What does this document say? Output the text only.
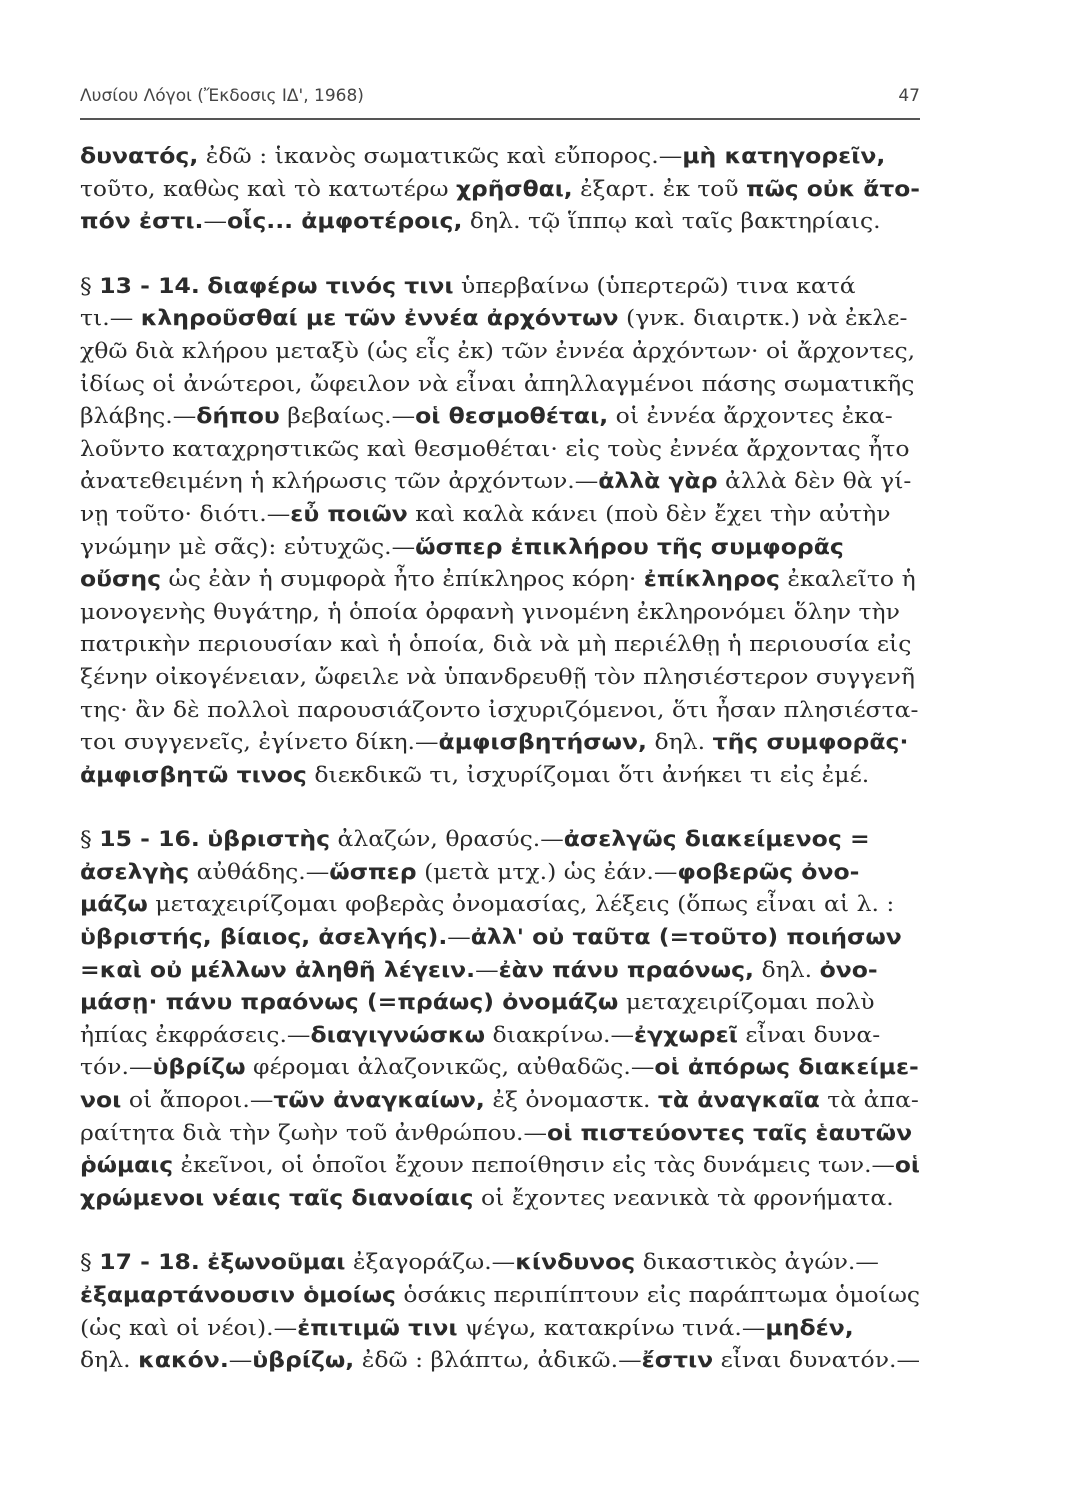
Λυσίου Λόγοι (Ἔκδοσις ΙΔ', 1968)	47
δυνατός, ἐδῶ : ἱκανὸς σωματικῶς καὶ εὔπορος.—μὴ κατηγορεῖν,
τοῦτο, καθὼς καὶ τὸ κατωτέρω χρῆσθαι, ἐξαρτ. ἐκ τοῦ πῶς οὐκ ἄτο-
πόν ἐστι.—οἷς... ἀμφοτέροις, δηλ. τῷ ἵππῳ καὶ ταῖς βακτηρίαις.
§ 13 - 14. διαφέρω τινός τινι ὑπερβαίνω (ὑπερτερῶ) τινα κατά
τι.— κληροῦσθαί με τῶν ἐννέα ἀρχόντων (γνκ. διαιρτκ.) νὰ ἐκλε-
χθῶ διὰ κλήρου μεταξὺ (ὡς εἷς ἐκ) τῶν ἐννέα ἀρχόντων· οἱ ἄρχοντες,
ἰδίως οἱ ἀνώτεροι, ὤφειλον νὰ εἶναι ἀπηλλαγμένοι πάσης σωματικῆς
βλάβης.—δήπου βεβαίως.—οἱ θεσμοθέται, οἱ ἐννέα ἄρχοντες ἐκα-
λοῦντο καταχρηστικῶς καὶ θεσμοθέται· εἰς τοὺς ἐννέα ἄρχοντας ἦτο
ἀνατεθειμένη ἡ κλήρωσις τῶν ἀρχόντων.—ἀλλὰ γὰρ ἀλλὰ δὲν θὰ γί-
νῃ τοῦτο· διότι.—εὖ ποιῶν καὶ καλὰ κάνει (ποὺ δὲν ἔχει τὴν αὐτὴν
γνώμην μὲ σᾶς): εὐτυχῶς.—ὥσπερ ἐπικλήρου τῆς συμφορᾶς
οὔσης ὡς ἐὰν ἡ συμφορὰ ἦτο ἐπίκληρος κόρη· ἐπίκληρος ἐκαλεῖτο ἡ
μονογενὴς θυγάτηρ, ἡ ὁποία ὀρφανὴ γινομένη ἐκληρονόμει ὅλην τὴν
πατρικὴν περιουσίαν καὶ ἡ ὁποία, διὰ νὰ μὴ περιέλθῃ ἡ περιουσία εἰς
ξένην οἰκογένειαν, ὤφειλε νὰ ὑπανδρευθῇ τὸν πλησιέστερον συγγενῆ
της· ἂν δὲ πολλοὶ παρουσιάζοντο ἰσχυριζόμενοι, ὅτι ἦσαν πλησιέστα-
τοι συγγενεῖς, ἐγίνετο δίκη.—ἀμφισβητήσων, δηλ. τῆς συμφορᾶς·
ἀμφισβητῶ τινος διεκδικῶ τι, ἰσχυρίζομαι ὅτι ἀνήκει τι εἰς ἐμέ.
§ 15 - 16. ὑβριστὴς ἀλαζών, θρασύς.—ἀσελγῶς διακείμενος =
ἀσελγὴς αὐθάδης.—ὥσπερ (μετὰ μτχ.) ὡς ἐάν.—φοβερῶς ὀνο-
μάζω μεταχειρίζομαι φοβερὰς ὀνομασίας, λέξεις (ὅπως εἶναι αἱ λ. :
ὑβριστής, βίαιος, ἀσελγής).—ἀλλ' οὐ ταῦτα (=τοῦτο) ποιήσων
=καὶ οὐ μέλλων ἀληθῆ λέγειν.—ἐὰν πάνυ πραόνως, δηλ. ὀνο-
μάσῃ· πάνυ πραόνως (=πράως) ὀνομάζω μεταχειρίζομαι πολὺ
ἠπίας ἐκφράσεις.—διαγιγνώσκω διακρίνω.—ἐγχωρεῖ εἶναι δυνα-
τόν.—ὑβρίζω φέρομαι ἀλαζονικῶς, αὐθαδῶς.—οἱ ἀπόρως διακείμε-
νοι οἱ ἄποροι.—τῶν ἀναγκαίων, ἐξ ὀνομαστκ. τὰ ἀναγκαῖα τὰ ἀπα-
ραίτητα διὰ τὴν ζωὴν τοῦ ἀνθρώπου.—οἱ πιστεύοντες ταῖς ἑαυτῶν
ῥώμαις ἐκεῖνοι, οἱ ὁποῖοι ἔχουν πεποίθησιν εἰς τὰς δυνάμεις των.—οἱ
χρώμενοι νέαις ταῖς διανοίαις οἱ ἔχοντες νεανικὰ τὰ φρονήματα.
§ 17 - 18. ἐξωνοῦμαι ἐξαγοράζω.—κίνδυνος δικαστικὸς ἀγών.—
ἐξαμαρτάνουσιν ὁμοίως ὁσάκις περιπίπτουν εἰς παράπτωμα ὁμοίως
(ὡς καὶ οἱ νέοι).—ἐπιτιμῶ τινι ψέγω, κατακρίνω τινά.—μηδέν,
δηλ. κακόν.—ὑβρίζω, ἐδῶ : βλάπτω, ἀδικῶ.—ἔστιν εἶναι δυνατόν.—
